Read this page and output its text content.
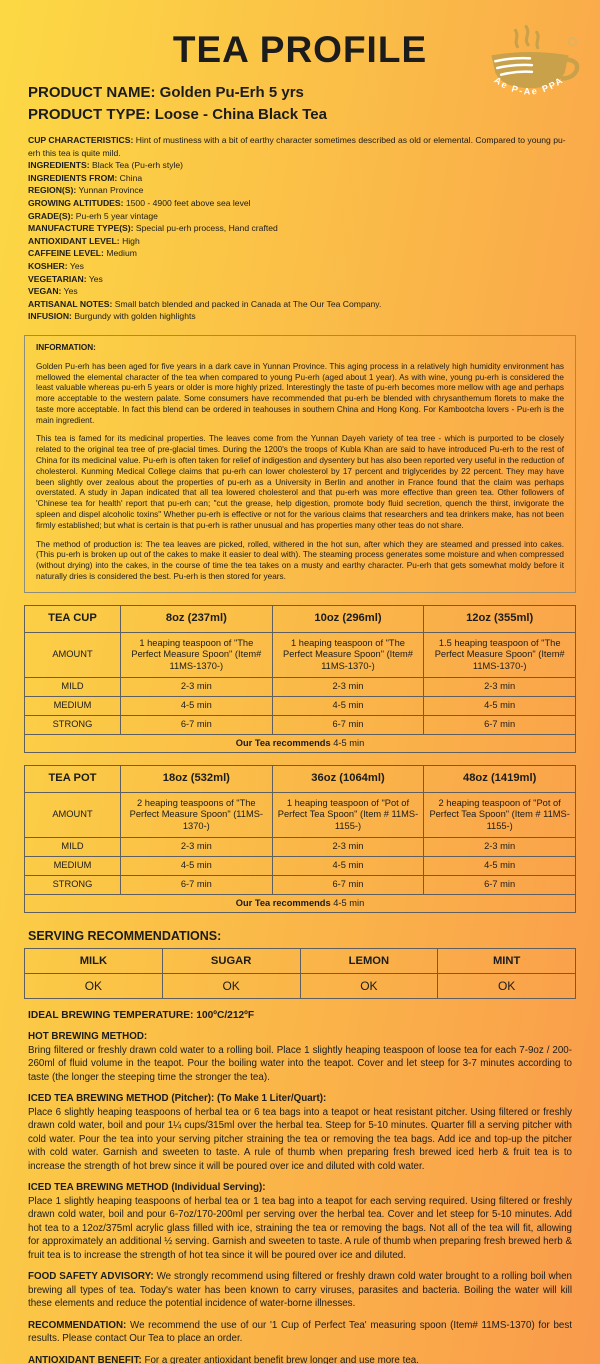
Ae P-Ae PPA
TEA PROFILE
PRODUCT NAME: Golden Pu-Erh 5 yrs
PRODUCT TYPE: Loose - China Black Tea
CUP CHARACTERISTICS: Hint of mustiness with a bit of earthy character sometimes described as old or elemental. Compared to young pu-erh this tea is quite mild.
INGREDIENTS: Black Tea (Pu-erh style)
INGREDIENTS FROM: China
REGION(S): Yunnan Province
GROWING ALTITUDES: 1500 - 4900 feet above sea level
GRADE(S): Pu-erh 5 year vintage
MANUFACTURE TYPE(S): Special pu-erh process, Hand crafted
ANTIOXIDANT LEVEL: High
CAFFEINE LEVEL: Medium
KOSHER: Yes
VEGETARIAN: Yes
VEGAN: Yes
ARTISANAL NOTES: Small batch blended and packed in Canada at The Our Tea Company.
INFUSION: Burgundy with golden highlights
INFORMATION:
Golden Pu-erh has been aged for five years in a dark cave in Yunnan Province. This aging process in a relatively high humidity environment has mellowed the elemental character of the tea when compared to young Pu-erh (aged about 1 year). As with wine, young pu-erh is considered the least valuable whereas pu-erh 5 years or older is more highly prized. Interestingly the taste of pu-erh becomes more mellow with age and perhaps more acceptable to the western palate. Some consumers have recommended that pu-erh be blended with chrysanthemum florets to make the taste more acceptable. In fact this blend can be ordered in teahouses in southern China and Hong Kong. For Kambootcha lovers - Pu-erh is the main ingredient.
This tea is famed for its medicinal properties. The leaves come from the Yunnan Dayeh variety of tea tree - which is purported to be closely related to the original tea tree of pre-glacial times. During the 1200's the troops of Kubla Khan are said to have introduced Pu-erh to the rest of China for its medicinal value. Pu-erh is often taken for relief of indigestion and dysentery but has also been reported very useful in the reduction of cholesterol. Kunming Medical College claims that pu-erh can lower cholesterol by 17 percent and triglycerides by 22 percent. They may have been slightly over zealous about the properties of pu-erh as a University in Berlin and another in France found that the claim was perhaps overstated. A study in Japan indicated that all tea lowered cholesterol and that pu-erh was more effective than green tea. Other followers of 'Chinese tea for health' report that pu-erh can; "cut the grease, help digestion, promote body fluid secretion, quench the thirst, invigorate the spleen and dispel alcoholic toxins" Whether pu-erh is effective or not for the various claims that researchers and tea drinkers make, has not been firmly established; but what is certain is that pu-erh is rather unusual and has properties many other teas do not share.
The method of production is: The tea leaves are picked, rolled, withered in the hot sun, after which they are steamed and pressed into cakes. (This pu-erh is broken up out of the cakes to make it easier to deal with). The steaming process generates some moisture and when compressed (without drying) into the cakes, in the course of time the tea takes on a musty and earthy character. Pu-erh that gets somewhat moldy before it naturally dries is considered the best. Pu-erh is then stored for years.
TEA CUP	8oz (237ml)	10oz (296ml)	12oz (355ml)
AMOUNT	1 heaping teaspoon of "The Perfect Measure Spoon" (Item# 11MS-1370-)	1 heaping teaspoon of "The Perfect Measure Spoon" (Item# 11MS-1370-)	1.5 heaping teaspoon of "The Perfect Measure Spoon" (Item# 11MS-1370-)
MILD	2-3 min	2-3 min	2-3 min
MEDIUM	4-5 min	4-5 min	4-5 min
STRONG	6-7 min	6-7 min	6-7 min
Our Tea recommends 4-5 min			
TEA POT	18oz (532ml)	36oz (1064ml)	48oz (1419ml)
AMOUNT	2 heaping teaspoons of "The Perfect Measure Spoon" (11MS-1370-)	1 heaping teaspoon of "Pot of Perfect Tea Spoon" (Item # 11MS-1155-)	2 heaping teaspoon of "Pot of Perfect Tea Spoon" (Item # 11MS-1155-)
MILD	2-3 min	2-3 min	2-3 min
MEDIUM	4-5 min	4-5 min	4-5 min
STRONG	6-7 min	6-7 min	6-7 min
Our Tea recommends 4-5 min			
SERVING RECOMMENDATIONS:
MILK	SUGAR	LEMON	MINT
OK	OK	OK	OK
IDEAL BREWING TEMPERATURE: 100ºC/212ºF
HOT BREWING METHOD:
Bring filtered or freshly drawn cold water to a rolling boil. Place 1 slightly heaping teaspoon of loose tea for each 7-9oz / 200-260ml of fluid volume in the teapot. Pour the boiling water into the teapot. Cover and let steep for 3-7 minutes according to taste (the longer the steeping time the stronger the tea).
ICED TEA BREWING METHOD (Pitcher): (To Make 1 Liter/Quart):
Place 6 slightly heaping teaspoons of herbal tea or 6 tea bags into a teapot or heat resistant pitcher. Using filtered or freshly drawn cold water, boil and pour 1¼ cups/315ml over the herbal tea. Steep for 5-10 minutes. Quarter fill a serving pitcher with cold water. Pour the tea into your serving pitcher straining the tea or removing the tea bags. Add ice and top-up the pitcher with cold water. Garnish and sweeten to taste. A rule of thumb when preparing fresh brewed iced herb & fruit tea is to increase the strength of hot brew since it will be poured over ice and diluted with cold water.
ICED TEA BREWING METHOD (Individual Serving):
Place 1 slightly heaping teaspoons of herbal tea or 1 tea bag into a teapot for each serving required. Using filtered or freshly drawn cold water, boil and pour 6-7oz/170-200ml per serving over the herbal tea. Cover and let steep for 5-10 minutes. Add hot tea to a 12oz/375ml acrylic glass filled with ice, straining the tea or removing the bags. Not all of the tea will fit, allowing for approximately an additional ½ serving. Garnish and sweeten to taste. A rule of thumb when preparing fresh brewed herb & fruit tea is to increase the strength of hot tea since it will be poured over ice and diluted.
FOOD SAFETY ADVISORY: We strongly recommend using filtered or freshly drawn cold water brought to a rolling boil when brewing all types of tea. Today's water has been known to carry viruses, parasites and bacteria. Boiling the water will kill these elements and reduce the potential incidence of water-borne illnesses.
RECOMMENDATION: We recommend the use of our '1 Cup of Perfect Tea' measuring spoon (Item# 11MS-1370) for best results. Please contact Our Tea to place an order.
ANTIOXIDANT BENEFIT: For a greater antioxidant benefit brew longer and use more tea.
